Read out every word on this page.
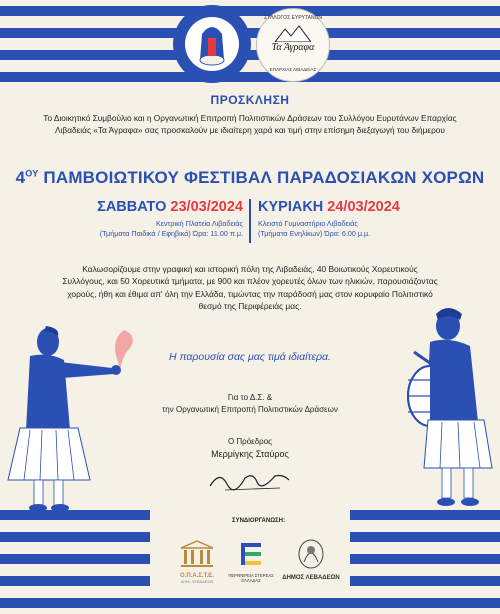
ΣΥΛΛΟΓΟΣ ΕΥΡΥΤΑΝΩΝ
Τα Άγραφα
ΕΠΑΡΧΙΑΣ ΛΙΒΑΔΕΙΑΣ
ΠΡΟΣΚΛΗΣΗ
Το Διοικητικό Συμβούλιο και η Οργανωτική Επιτροπή Πολιτιστικών Δράσεων του Συλλόγου Ευρυτάνων Επαρχίας Λιβαδειάς «Τα Άγραφα» σας προσκαλούν με ιδιαίτερη χαρά και τιμή στην επίσημη διεξαγωγή του διήμερου
$4^{O\Upsilon}$ ΠΑΜΒΟΙΩΤΙΚΟΥ ΦΕΣΤΙΒΑΛ ΠΑΡΑΔΟΣΙΑΚΩΝ ΧΟΡΩΝ
ΣΑΒΒΑΤΟ 23/03/2024
Κεντρική Πλατεία Λιβαδειάς
(Τμήματα Παιδικά / Εφηβικά) Ώρα: 11.00 π.μ.
ΚΥΡΙΑΚΗ 24/03/2024
Κλειστό Γυμναστήριο Λιβαδειάς
(Τμήματα Ενηλίκων) Ώρα: 6.00 μ.μ.
Καλωσορίζουμε στην γραφική και ιστορική πόλη της Λιβαδειάς, 40 Βοιωτικούς Χορευτικούς Συλλόγους, και 50 Χορευτικά τμήματα, με 900 και πλέον χορευτές όλων των ηλικιών, παρουσιάζοντας χορούς, ήθη και έθιμα απ' όλη την Ελλάδα, τιμώντας την παράδοσή μας στον κορυφαίο Πολιτιστικό θεσμό της Περιφέρειάς μας.
Η παρουσία σας μας τιμά ιδιαίτερα.
Για το Δ.Σ. &
την Οργανωτική Επιτροπή Πολιτιστικών Δράσεων
Ο Πρόεδρος
Μερμίγκης Σταύρος
ΣΥΝΔΙΟΡΓΑΝΩΣΗ:
Ο.Π.Α.Σ.Τ.Ε.
ΔΗΜ. ΛΕΒΑΔΕΩΝ
ΠΕΡΙΦΕΡΕΙΑ ΣΤΕΡΕΑΣ ΕΛΛΑΔΑΣ	ΔΗΜΟΣ ΛΕΒΑΔΕΩΝ
